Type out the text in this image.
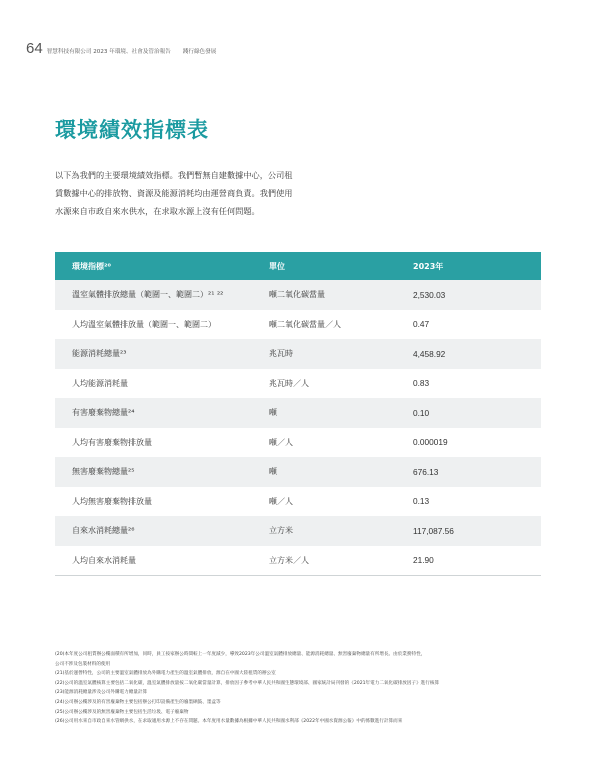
64 智慧科技有限公司 2023 年環境、社會及管治報告 踐行綠色發展
環境績效指標表

以下為我們的主要環境績效指標。我們暫無自建數據中心，公司租賃數據中心的排放物、資源及能源消耗均由運營商負責。我們使用水源來自市政自來水供水，在求取水源上沒有任何問題。

環境指標²⁰	單位	2023年
溫室氣體排放總量（範圍一、範圍二）²¹ ²²	噸二氧化碳當量	2,530.03
人均溫室氣體排放量（範圍一、範圍二）	噸二氧化碳當量／人	0.47
能源消耗總量²³	兆瓦時	4,458.92
人均能源消耗量	兆瓦時／人	0.83
有害廢棄物總量²⁴	噸	0.10
人均有害廢棄物排放量	噸／人	0.000019
無害廢棄物總量²⁵	噸	676.13
人均無害廢棄物排放量	噸／人	0.13
自來水消耗總量²⁶	立方米	117,087.56
人均自來水消耗量	立方米／人	21.90
(20)本年度公司租賃辦公樓面積有所增加，同時，員工按家辦公時間較上一年度減少，導致2023年公司溫室氣體排放總量、能源消耗總量、無害廢棄物總量有所增長。由於業務特性，
公司不涉及包裝材料的使用
(21)基於運營特性，公司的主要溫室氣體排放為外購電力產生的溫室氣體排放，源自在中國大陸租賃的辦公室
(22)公司的溫室氣體核算主要包括二氧化碳，溫室氣體排放量按二氧化碳當量計算，排放因子參考中華人民共和國生態環境部、國家統計局刊發的《2021年電力二氧化碳排放因子》進行核算
(23)能源消耗總量涉及公司外購電力總量計算
(24)公司辦公樓涉及的有害廢棄物主要包括辦公打印設備產生的廢墨硒鼓、墨盒等
(25)公司辦公樓涉及的無害廢棄物主要包括生活垃圾、電子廢棄物
(26)公司用水來自市政自來水管網供水，在求取適用水源上不存在問題。本年度用水量數據為根據中華人民共和國水利部《2022年中國水資源公報》中的係數進行計算而來
